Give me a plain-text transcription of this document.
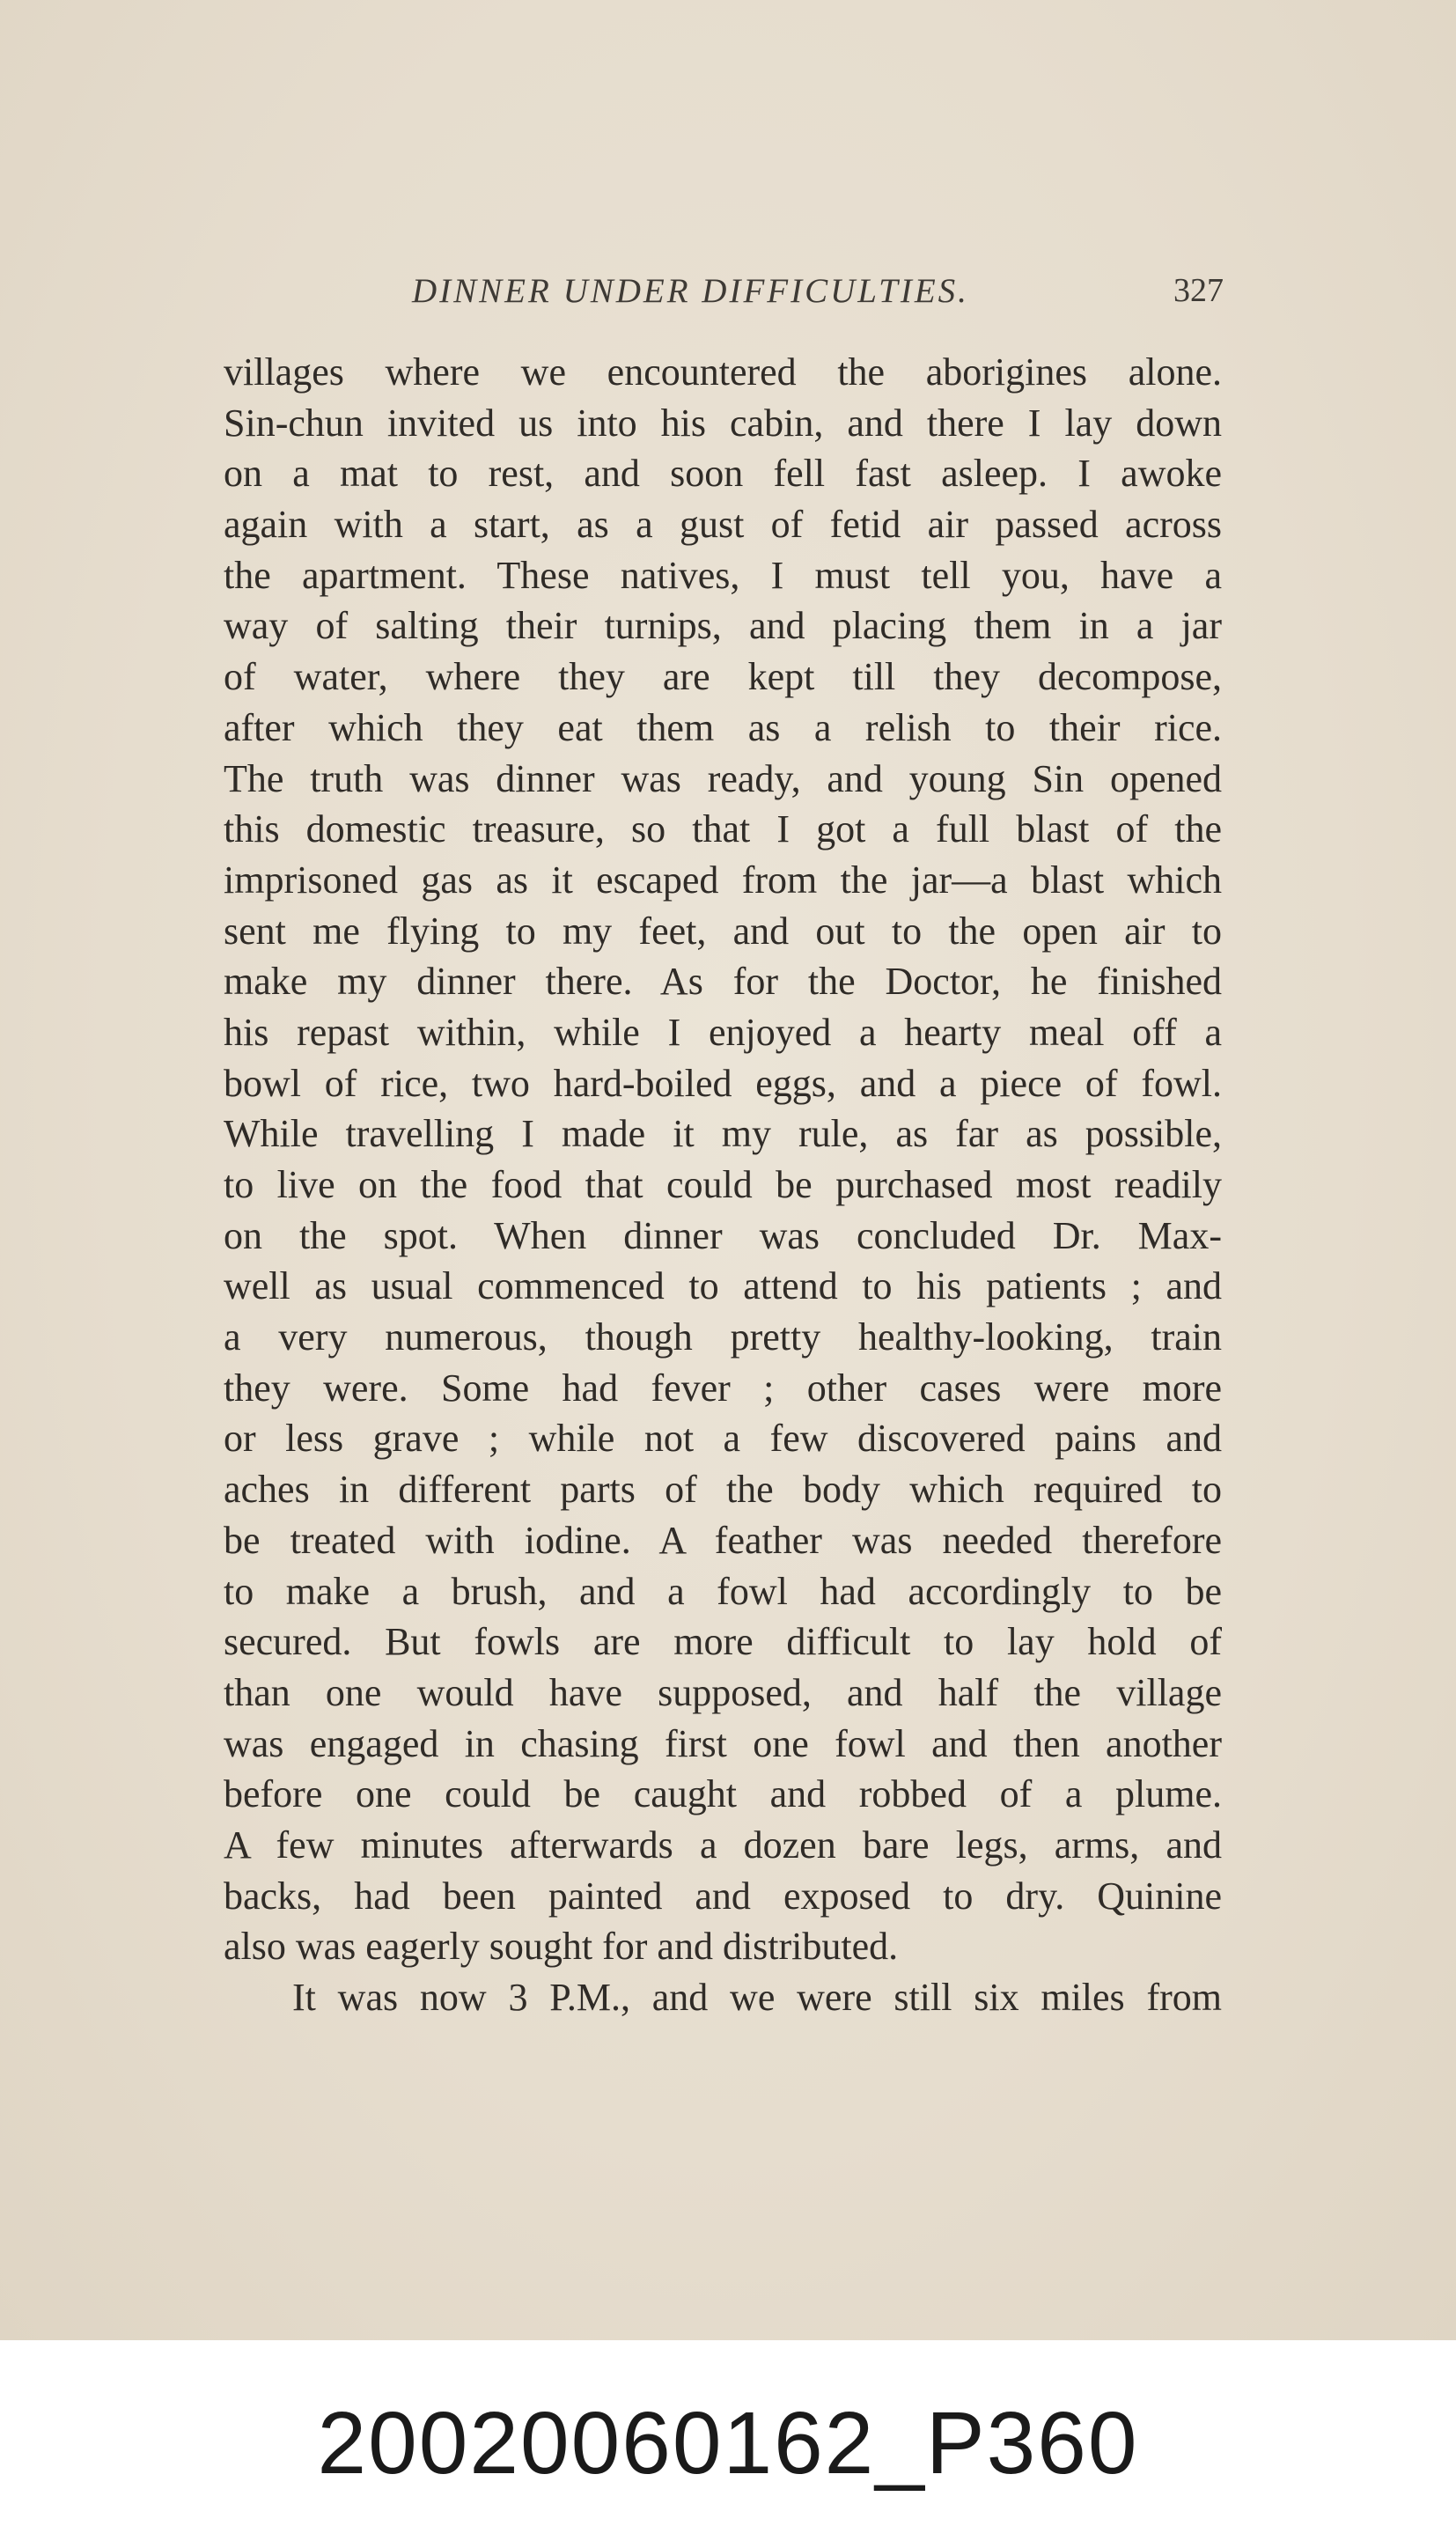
DINNER UNDER DIFFICULTIES.	327
villages where we encountered the aborigines alone.
Sin-chun invited us into his cabin, and there I lay down
on a mat to rest, and soon fell fast asleep. I awoke
again with a start, as a gust of fetid air passed across
the apartment. These natives, I must tell you, have a
way of salting their turnips, and placing them in a jar
of water, where they are kept till they decompose,
after which they eat them as a relish to their rice.
The truth was dinner was ready, and young Sin opened
this domestic treasure, so that I got a full blast of the
imprisoned gas as it escaped from the jar—a blast which
sent me flying to my feet, and out to the open air to
make my dinner there. As for the Doctor, he finished
his repast within, while I enjoyed a hearty meal off a
bowl of rice, two hard-boiled eggs, and a piece of fowl.
While travelling I made it my rule, as far as possible,
to live on the food that could be purchased most readily
on the spot. When dinner was concluded Dr. Max-
well as usual commenced to attend to his patients ; and
a very numerous, though pretty healthy-looking, train
they were. Some had fever ; other cases were more
or less grave ; while not a few discovered pains and
aches in different parts of the body which required to
be treated with iodine. A feather was needed therefore
to make a brush, and a fowl had accordingly to be
secured. But fowls are more difficult to lay hold of
than one would have supposed, and half the village
was engaged in chasing first one fowl and then another
before one could be caught and robbed of a plume.
A few minutes afterwards a dozen bare legs, arms, and
backs, had been painted and exposed to dry. Quinine
also was eagerly sought for and distributed.
It was now 3 P.M., and we were still six miles from
20020060162_P360
